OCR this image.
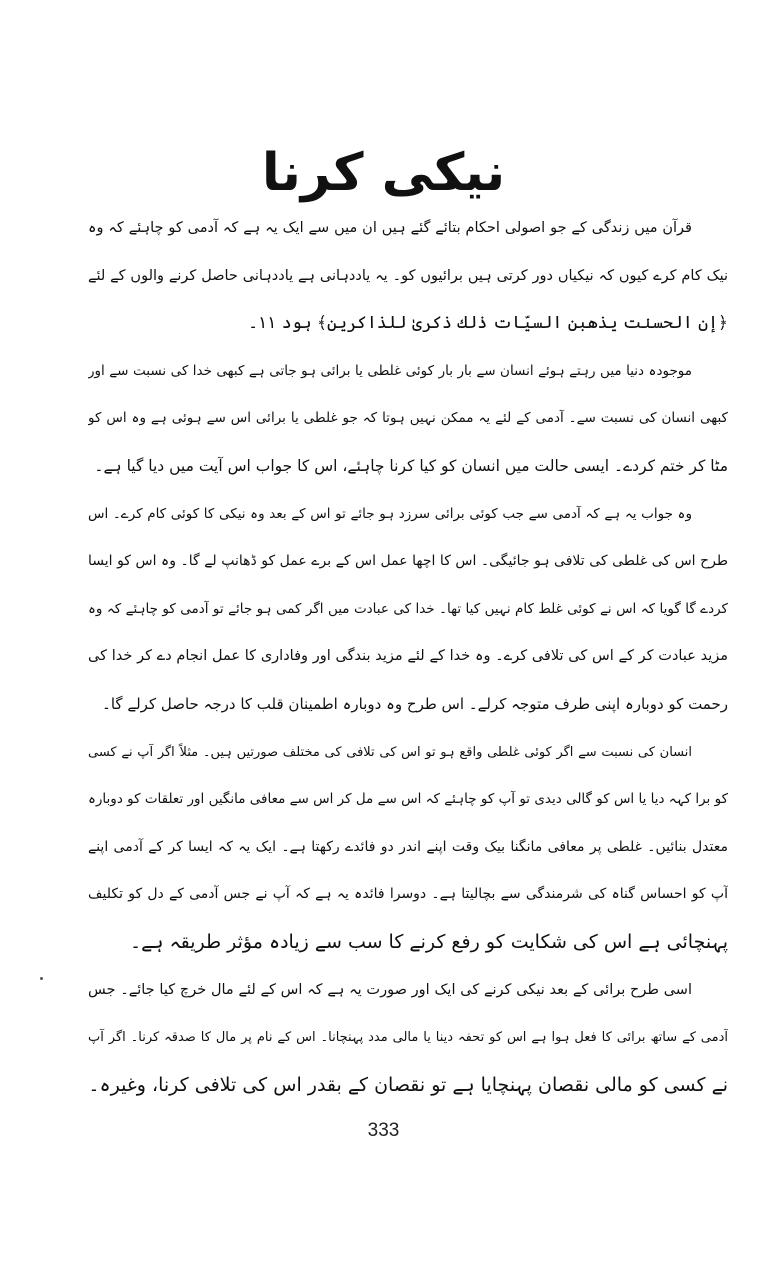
نیکی کرنا
قرآن میں زندگی کے جو اصولی احکام بتائے گئے ہیں ان میں سے ایک یہ ہے کہ آدمی کو چاہئے کہ وہ
نیک کام کرے کیوں کہ نیکیاں دور کرتی ہیں برائیوں کو۔ یہ یاددہانی ہے یاددہانی حاصل کرنے والوں کے لئے
﴿إن الحسنٰت يذهبن السيّات ذٰلك ذكرىٰ للذاكرين﴾ ہود ۱۱۔
موجودہ دنیا میں رہتے ہوئے انسان سے بار بار کوئی غلطی یا برائی ہو جاتی ہے کبھی خدا کی نسبت سے اور
کبھی انسان کی نسبت سے۔ آدمی کے لئے یہ ممکن نہیں ہوتا کہ جو غلطی یا برائی اس سے ہوئی ہے وہ اس کو
مٹا کر ختم کردے۔ ایسی حالت میں انسان کو کیا کرنا چاہئے، اس کا جواب اس آیت میں دیا گیا ہے۔
وہ جواب یہ ہے کہ آدمی سے جب کوئی برائی سرزد ہو جائے تو اس کے بعد وہ نیکی کا کوئی کام کرے۔ اس
طرح اس کی غلطی کی تلافی ہو جائیگی۔ اس کا اچھا عمل اس کے برے عمل کو ڈھانپ لے گا۔ وہ اس کو ایسا
کردے گا گویا کہ اس نے کوئی غلط کام نہیں کیا تھا۔ خدا کی عبادت میں اگر کمی ہو جائے تو آدمی کو چاہئے کہ وہ
مزید عبادت کر کے اس کی تلافی کرے۔ وہ خدا کے لئے مزید بندگی اور وفاداری کا عمل انجام دے کر خدا کی
رحمت کو دوبارہ اپنی طرف متوجہ کرلے۔ اس طرح وہ دوبارہ اطمینان قلب کا درجہ حاصل کرلے گا۔
انسان کی نسبت سے اگر کوئی غلطی واقع ہو تو اس کی تلافی کی مختلف صورتیں ہیں۔ مثلاً اگر آپ نے کسی
کو برا کہہ دیا یا اس کو گالی دیدی تو آپ کو چاہئے کہ اس سے مل کر اس سے معافی مانگیں اور تعلقات کو دوبارہ
معتدل بنائیں۔ غلطی پر معافی مانگنا بیک وقت اپنے اندر دو فائدے رکھتا ہے۔ ایک یہ کہ ایسا کر کے آدمی اپنے
آپ کو احساس گناہ کی شرمندگی سے بچالیتا ہے۔ دوسرا فائدہ یہ ہے کہ آپ نے جس آدمی کے دل کو تکلیف
پہنچائی ہے اس کی شکایت کو رفع کرنے کا سب سے زیادہ مؤثر طریقہ ہے۔
اسی طرح برائی کے بعد نیکی کرنے کی ایک اور صورت یہ ہے کہ اس کے لئے مال خرچ کیا جائے۔ جس
آدمی کے ساتھ برائی کا فعل ہوا ہے اس کو تحفہ دینا یا مالی مدد پہنچانا۔ اس کے نام پر مال کا صدقہ کرنا۔ اگر آپ
نے کسی کو مالی نقصان پہنچایا ہے تو نقصان کے بقدر اس کی تلافی کرنا، وغیرہ۔
333
